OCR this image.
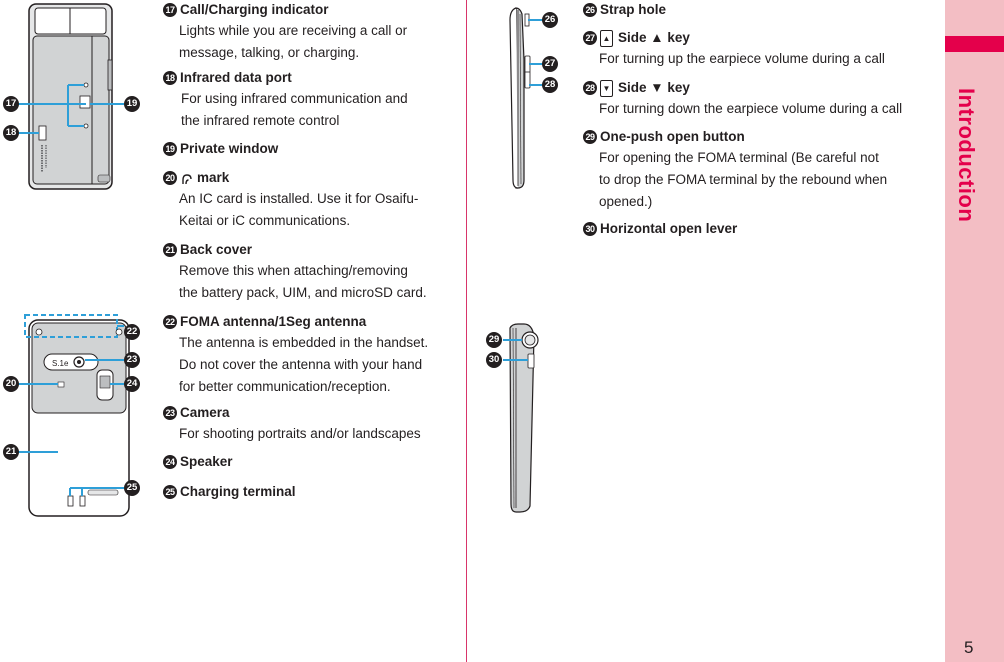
Introduction
5
17	19
18
S.1e
22
23
24
20
21
25
17 Call/Charging indicator
Lights while you are receiving a call or
message, talking, or charging.
18 Infrared data port
For using infrared communication and
the infrared remote control
19 Private window
20 mark
An IC card is installed. Use it for Osaifu-
Keitai or iC communications.
21 Back cover
Remove this when attaching/removing
the battery pack, UIM, and microSD card.
22 FOMA antenna/1Seg antenna
The antenna is embedded in the handset.
Do not cover the antenna with your hand
for better communication/reception.
23 Camera
For shooting portraits and/or landscapes
24 Speaker
25 Charging terminal
26
27
28
29
30
26 Strap hole
27	▲ Side ▲ key
For turning up the earpiece volume during a call
28	▼ Side ▼ key
For turning down the earpiece volume during a call
29 One-push open button
For opening the FOMA terminal (Be careful not
to drop the FOMA terminal by the rebound when
opened.)
30 Horizontal open lever
